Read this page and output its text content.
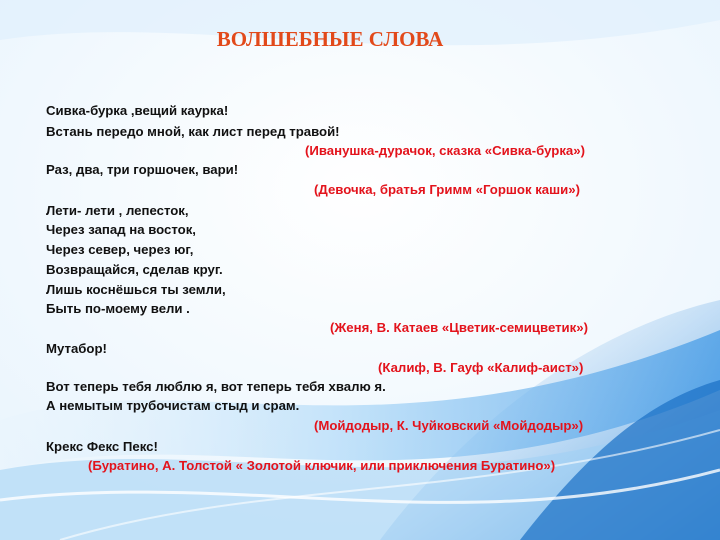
ВОЛШЕБНЫЕ СЛОВА
Сивка-бурка ,вещий каурка!
Встань передо мной, как лист перед травой!
(Иванушка-дурачок, сказка «Сивка-бурка»)
Раз, два, три горшочек, вари!
(Девочка, братья Гримм «Горшок каши»)
Лети- лети , лепесток,
Через запад на восток,
Через север, через юг,
Возвращайся, сделав круг.
Лишь коснёшься ты земли,
Быть по-моему вели .
(Женя, В. Катаев «Цветик-семицветик»)
Мутабор!
(Калиф, В. Гауф «Калиф-аист»)
Вот теперь тебя люблю я, вот теперь тебя хвалю я.
А немытым трубочистам стыд и срам.
(Мойдодыр, К. Чуйковский «Мойдодыр»)
Крекс Фекс Пекс!
(Буратино, А. Толстой « Золотой ключик, или приключения Буратино»)
